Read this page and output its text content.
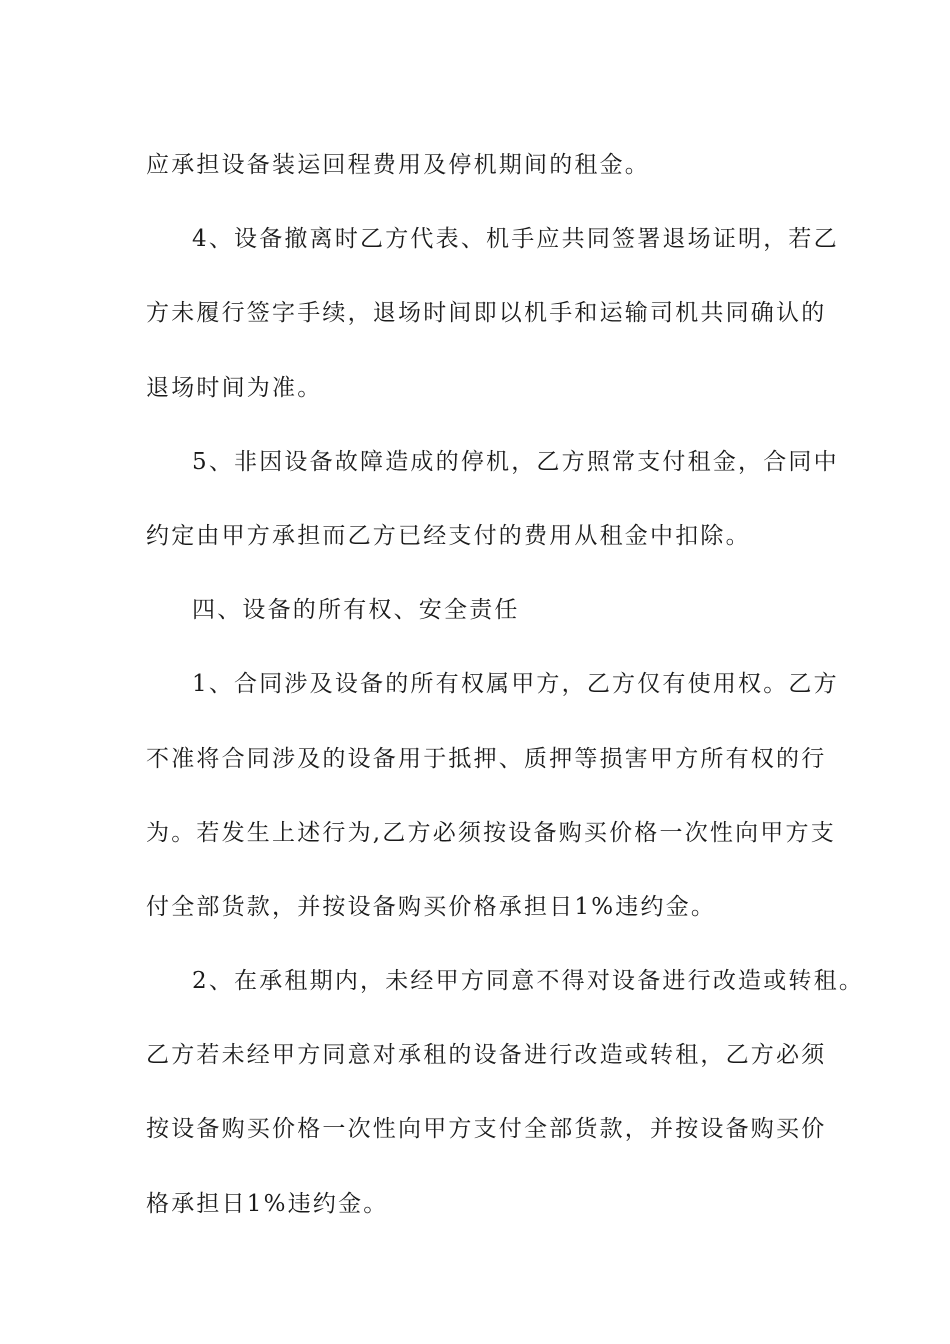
应承担设备装运回程费用及停机期间的租金。
4、设备撤离时乙方代表、机手应共同签署退场证明，若乙
方未履行签字手续，退场时间即以机手和运输司机共同确认的
退场时间为准。
5、非因设备故障造成的停机，乙方照常支付租金，合同中
约定由甲方承担而乙方已经支付的费用从租金中扣除。
四、设备的所有权、安全责任
1、合同涉及设备的所有权属甲方，乙方仅有使用权。乙方
不准将合同涉及的设备用于抵押、质押等损害甲方所有权的行
为。若发生上述行为,乙方必须按设备购买价格一次性向甲方支
付全部货款，并按设备购买价格承担日1%违约金。
2、在承租期内，未经甲方同意不得对设备进行改造或转租。
乙方若未经甲方同意对承租的设备进行改造或转租，乙方必须
按设备购买价格一次性向甲方支付全部货款，并按设备购买价
格承担日1%违约金。
